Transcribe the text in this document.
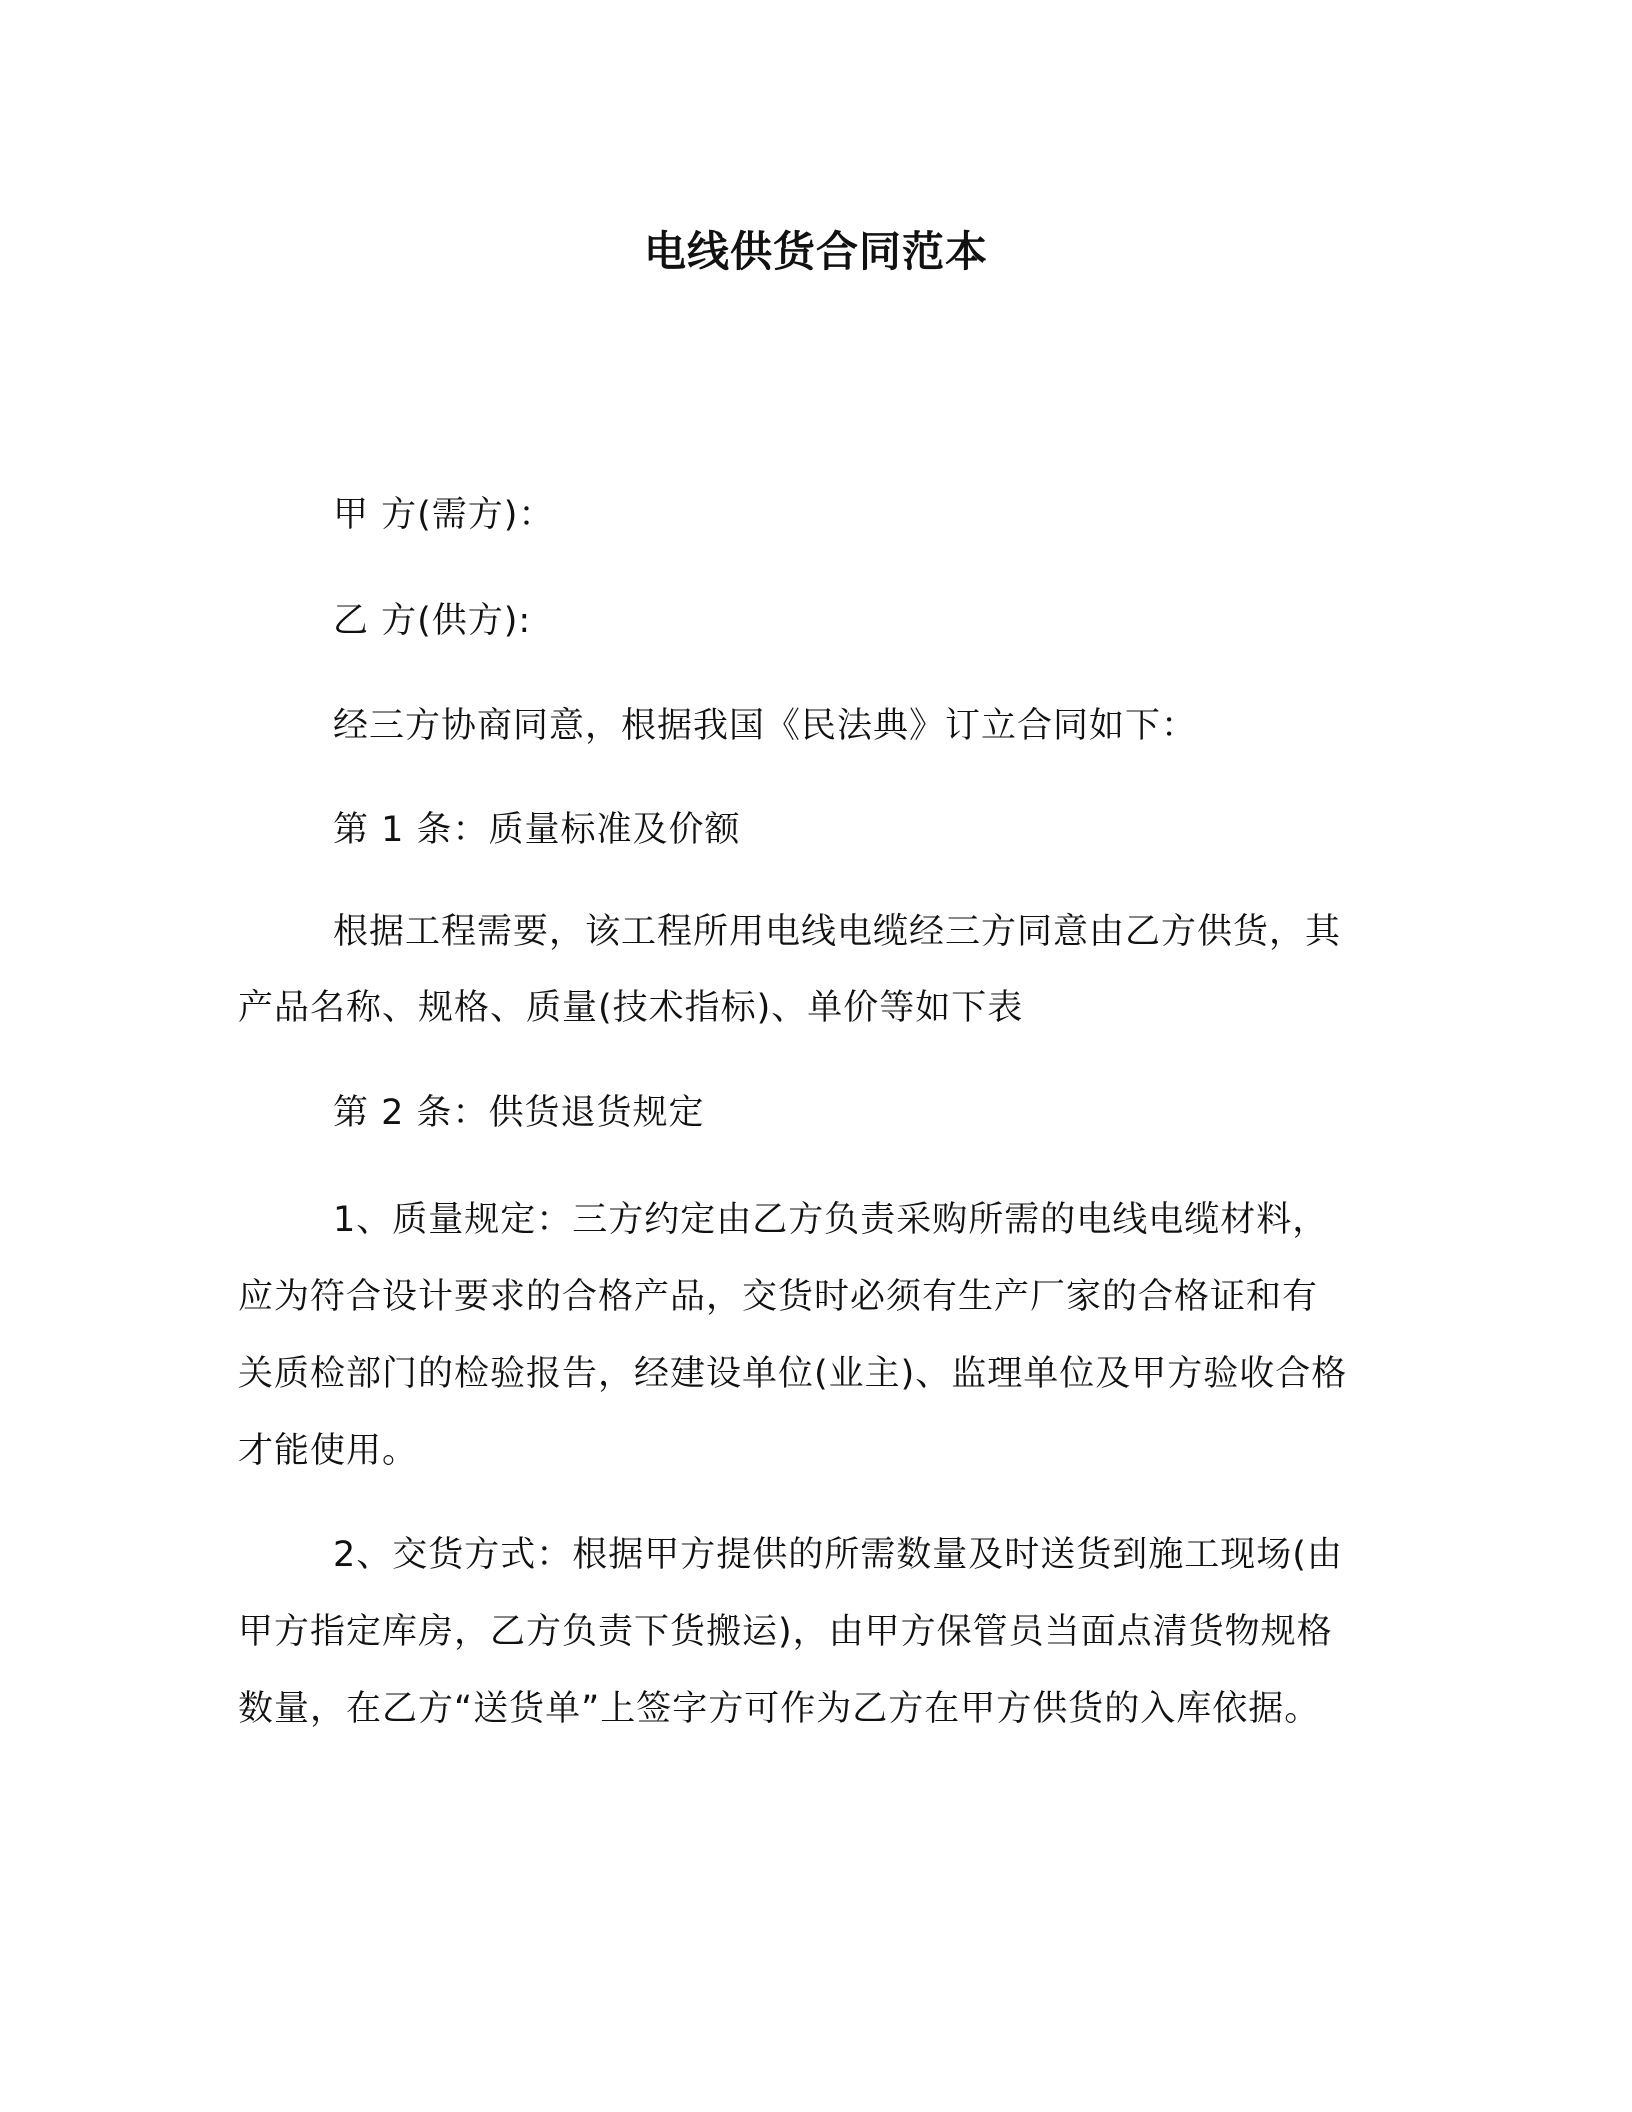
电线供货合同范本

甲 方(需方)：

乙 方(供方):

经三方协商同意，根据我国《民法典》订立合同如下：

第 1 条：质量标准及价额

根据工程需要，该工程所用电线电缆经三方同意由乙方供货，其

产品名称、规格、质量(技术指标)、单价等如下表

第 2 条：供货退货规定

1、质量规定：三方约定由乙方负责采购所需的电线电缆材料，

应为符合设计要求的合格产品，交货时必须有生产厂家的合格证和有

关质检部门的检验报告，经建设单位(业主)、监理单位及甲方验收合格

才能使用。

2、交货方式：根据甲方提供的所需数量及时送货到施工现场(由

甲方指定库房，乙方负责下货搬运)，由甲方保管员当面点清货物规格

数量，在乙方“送货单”上签字方可作为乙方在甲方供货的入库依据。
